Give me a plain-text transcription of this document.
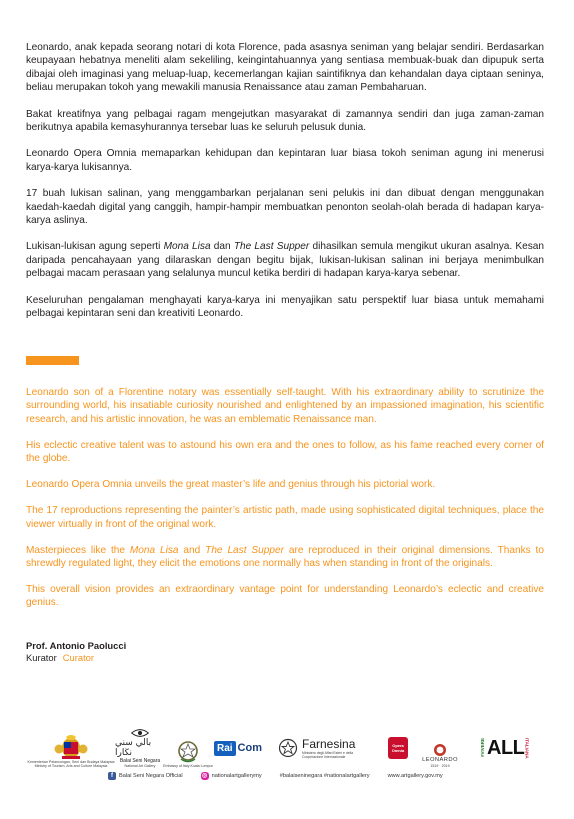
Leonardo, anak kepada seorang notari di kota Florence, pada asasnya seniman yang belajar sendiri. Berdasarkan keupayaan hebatnya meneliti alam sekeliling, keingintahuannya yang sentiasa membuak-buak dan dipupuk serta dibajai oleh imaginasi yang meluap-luap, kecemerlangan kajian saintifiknya dan kehandalan daya ciptaan seninya, beliau merupakan tokoh yang mewakili manusia Renaissance atau zaman Pembaharuan.

Bakat kreatifnya yang pelbagai ragam mengejutkan masyarakat di zamannya sendiri dan juga zaman-zaman berikutnya apabila kemasyhurannya tersebar luas ke seluruh pelusuk dunia.

Leonardo Opera Omnia memaparkan kehidupan dan kepintaran luar biasa tokoh seniman agung ini menerusi karya-karya lukisannya.

17 buah lukisan salinan, yang menggambarkan perjalanan seni pelukis ini dan dibuat dengan menggunakan kaedah-kaedah digital yang canggih, hampir-hampir membuatkan penonton seolah-olah berada di hadapan karya-karya aslinya.

Lukisan-lukisan agung seperti Mona Lisa dan The Last Supper dihasilkan semula mengikut ukuran asalnya. Kesan daripada pencahayaan yang dilaraskan dengan begitu bijak, lukisan-lukisan salinan ini berjaya menimbulkan pelbagai macam perasaan yang selalunya muncul ketika berdiri di hadapan karya-karya sebenar.

Keseluruhan pengalaman menghayati karya-karya ini menyajikan satu perspektif luar biasa untuk memahami pelbagai kepintaran seni dan kreativiti Leonardo.

Leonardo son of a Florentine notary was essentially self-taught. With his extraordinary ability to scrutinize the surrounding world, his insatiable curiosity nourished and enlightened by an impassioned imagination, his scientific research, and his artistic innovation, he was an emblematic Renaissance man.

His eclectic creative talent was to astound his own era and the ones to follow, as his fame reached every corner of the globe.

Leonardo Opera Omnia unveils the great master’s life and genius through his pictorial work.

The 17 reproductions representing the painter’s artistic path, made using sophisticated digital techniques, place the viewer virtually in front of the original work.

Masterpieces like the Mona Lisa and The Last Supper are reproduced in their original dimensions. Thanks to shrewdly regulated light, they elicit the emotions one normally has when standing in front of the originals.

This overall vision provides an extraordinary vantage point for understanding Leonardo’s eclectic and creative genius.

Prof. Antonio Paolucci
Kurator Curator
Kementerian Pelancongan, Seni dan Budaya Malaysia
Ministry of Tourism, Arts and Culture Malaysia
بالي سني نڬارا
Balai Seni Negara
National Art Gallery Embassy of Italy Kuala Lumpur
Rai Com	Farnesina
Ministero degli Affari Esteri e della Cooperazione Internazionale
Opera Omnia
LEONARDO
1519 · 2019
#VIVERE ALL ITALIANA
f	Balai Seni Negara Official	◎ nationalartgallerymy	#balaiseninegara #nationalartgallery	www.artgallery.gov.my
